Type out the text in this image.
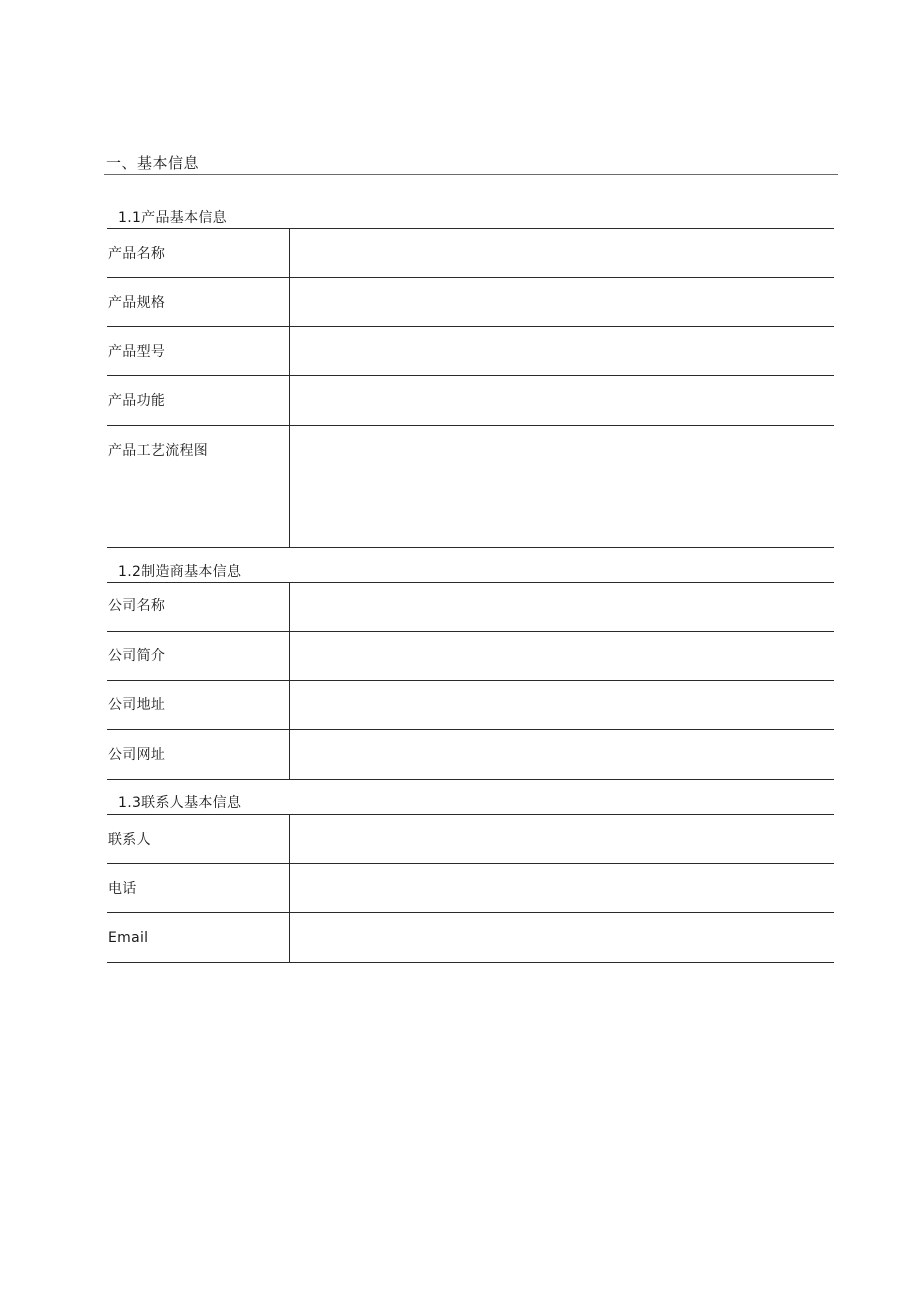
一、基本信息
1.1产品基本信息
产品名称	
产品规格	
产品型号	
产品功能	
产品工艺流程图	
1.2制造商基本信息
公司名称	
公司简介	
公司地址	
公司网址	
1.3联系人基本信息
联系人	
电话	
Email	
